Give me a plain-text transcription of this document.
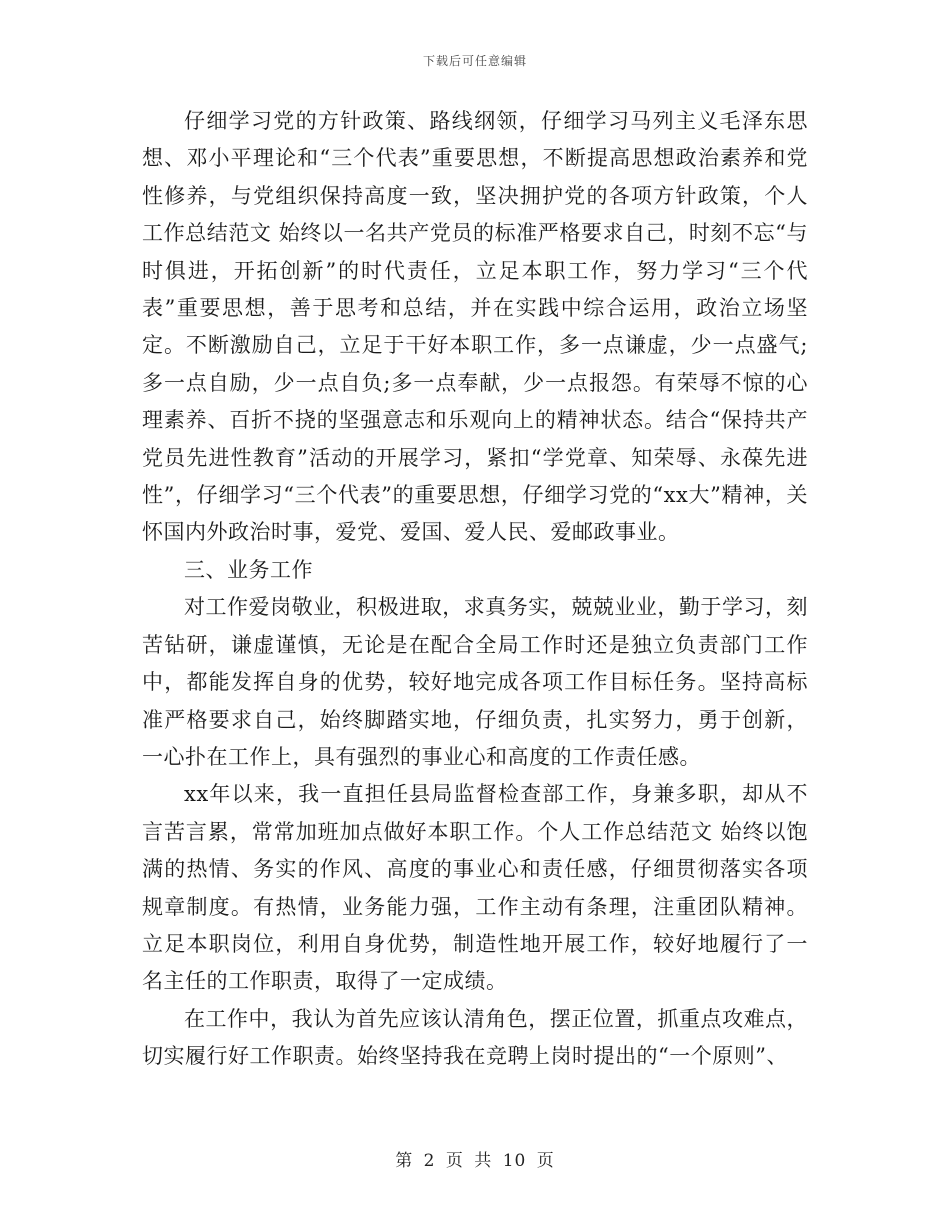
下载后可任意编辑

仔细学习党的方针政策、路线纲领，仔细学习马列主义毛泽东思想、邓小平理论和“三个代表”重要思想，不断提高思想政治素养和党性修养，与党组织保持高度一致，坚决拥护党的各项方针政策，个人工作总结范文 始终以一名共产党员的标准严格要求自己，时刻不忘“与时俱进，开拓创新”的时代责任，立足本职工作，努力学习“三个代表”重要思想，善于思考和总结，并在实践中综合运用，政治立场坚定。不断激励自己，立足于干好本职工作，多一点谦虚，少一点盛气;多一点自励，少一点自负;多一点奉献，少一点报怨。有荣辱不惊的心理素养、百折不挠的坚强意志和乐观向上的精神状态。结合“保持共产党员先进性教育”活动的开展学习，紧扣“学党章、知荣辱、永葆先进性”，仔细学习“三个代表”的重要思想，仔细学习党的“xx大”精神，关怀国内外政治时事，爱党、爱国、爱人民、爱邮政事业。

三、业务工作

对工作爱岗敬业，积极进取，求真务实，兢兢业业，勤于学习，刻苦钻研，谦虚谨慎，无论是在配合全局工作时还是独立负责部门工作中，都能发挥自身的优势，较好地完成各项工作目标任务。坚持高标准严格要求自己，始终脚踏实地，仔细负责，扎实努力，勇于创新，一心扑在工作上，具有强烈的事业心和高度的工作责任感。

xx年以来，我一直担任县局监督检查部工作，身兼多职，却从不言苦言累，常常加班加点做好本职工作。个人工作总结范文 始终以饱满的热情、务实的作风、高度的事业心和责任感，仔细贯彻落实各项规章制度。有热情，业务能力强，工作主动有条理，注重团队精神。立足本职岗位，利用自身优势，制造性地开展工作，较好地履行了一名主任的工作职责，取得了一定成绩。

在工作中，我认为首先应该认清角色，摆正位置，抓重点攻难点，切实履行好工作职责。始终坚持我在竞聘上岗时提出的“一个原则”、

第 2 页 共 10 页
